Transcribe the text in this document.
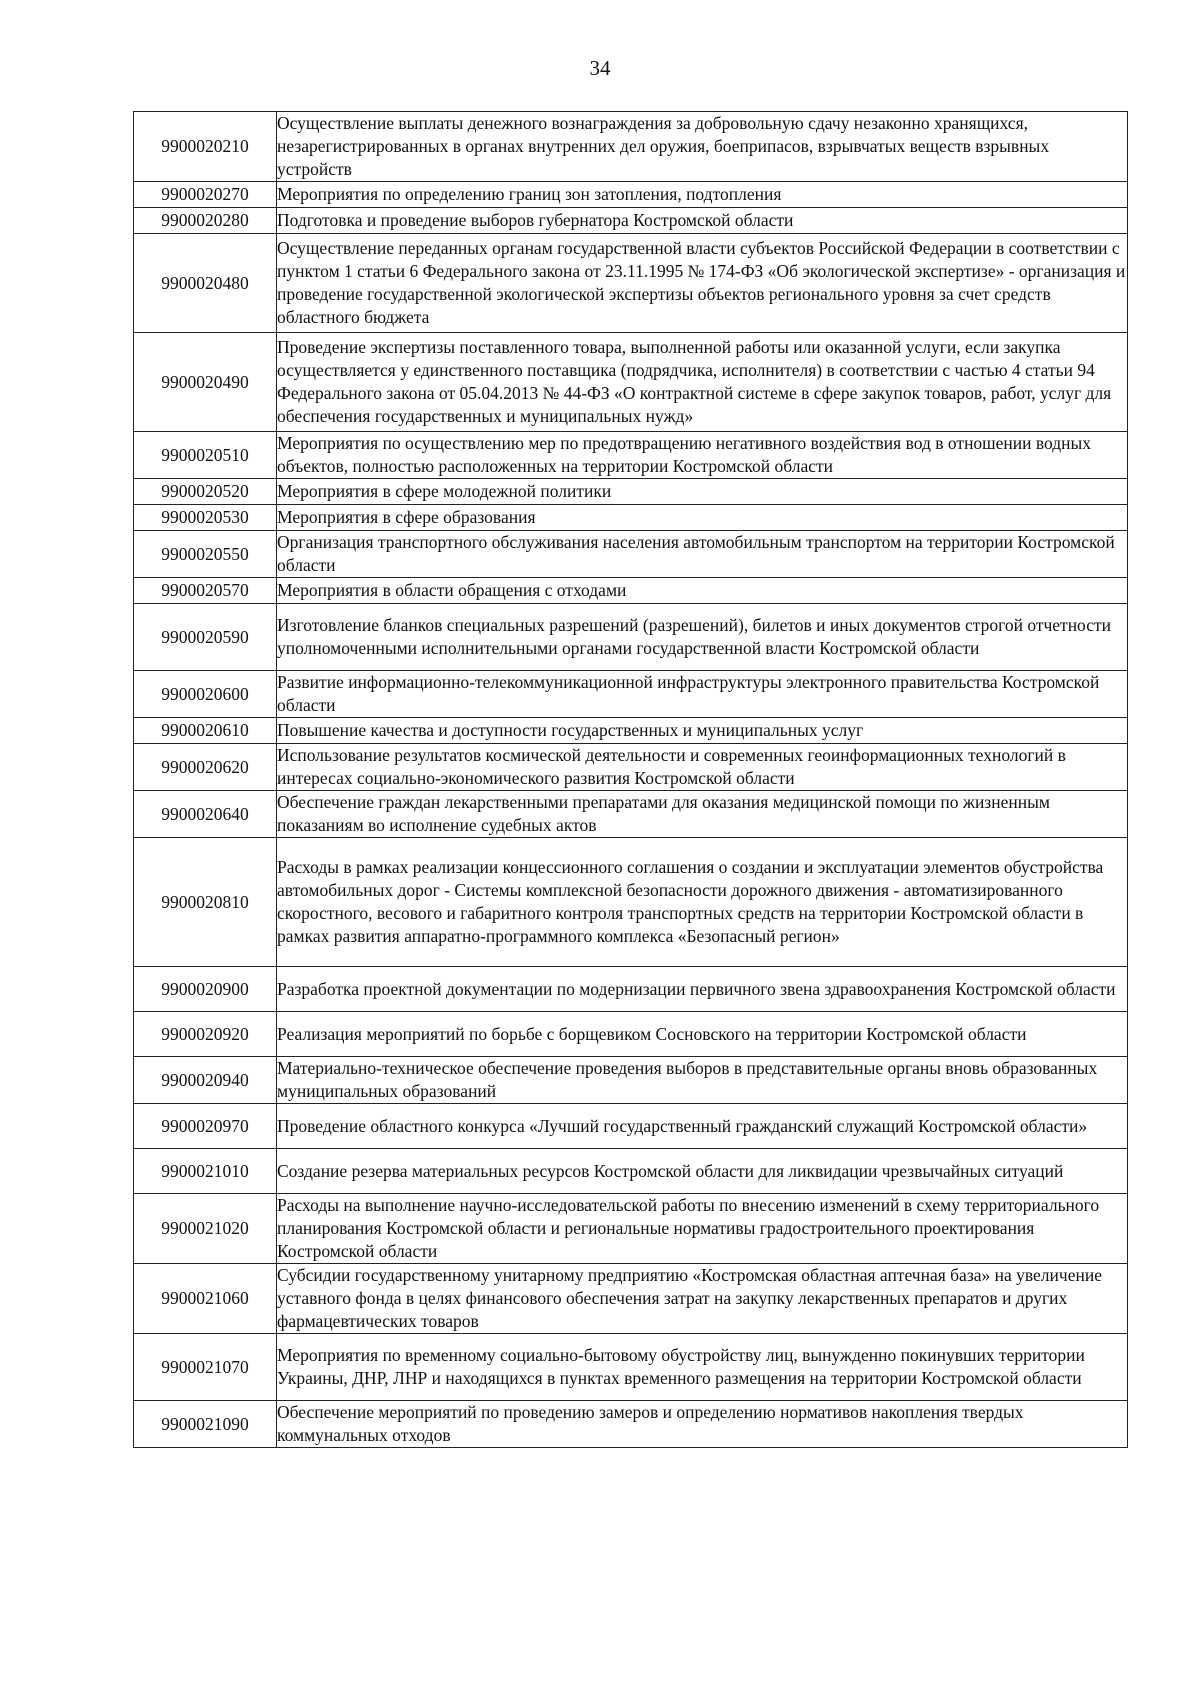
34
9900020210	Осуществление выплаты денежного вознаграждения за добровольную сдачу незаконно хранящихся, незарегистрированных в органах внутренних дел оружия, боеприпасов, взрывчатых веществ взрывных устройств
9900020270	Мероприятия по определению границ зон затопления, подтопления
9900020280	Подготовка и проведение выборов губернатора Костромской области
9900020480	Осуществление переданных органам государственной власти субъектов Российской Федерации в соответствии с пунктом 1 статьи 6 Федерального закона от 23.11.1995 № 174-ФЗ «Об экологической экспертизе» - организация и проведение государственной экологической экспертизы объектов регионального уровня за счет средств областного бюджета
9900020490	Проведение экспертизы поставленного товара, выполненной работы или оказанной услуги, если закупка осуществляется у единственного поставщика (подрядчика, исполнителя) в соответствии с частью 4 статьи 94 Федерального закона от 05.04.2013 № 44-ФЗ «О контрактной системе в сфере закупок товаров, работ, услуг для обеспечения государственных и муниципальных нужд»
9900020510	Мероприятия по осуществлению мер по предотвращению негативного воздействия вод в отношении водных объектов, полностью расположенных на территории Костромской области
9900020520	Мероприятия в сфере молодежной политики
9900020530	Мероприятия в сфере образования
9900020550	Организация транспортного обслуживания населения автомобильным транспортом на территории Костромской области
9900020570	Мероприятия в области обращения с отходами
9900020590	Изготовление бланков специальных разрешений (разрешений), билетов и иных документов строгой отчетности уполномоченными исполнительными органами государственной власти Костромской области
9900020600	Развитие информационно-телекоммуникационной инфраструктуры электронного правительства Костромской области
9900020610	Повышение качества и доступности государственных и муниципальных услуг
9900020620	Использование результатов космической деятельности и современных геоинформационных технологий в интересах социально-экономического развития Костромской области
9900020640	Обеспечение граждан лекарственными препаратами для оказания медицинской помощи по жизненным показаниям во исполнение судебных актов
9900020810	Расходы в рамках реализации концессионного соглашения о создании и эксплуатации элементов обустройства автомобильных дорог - Системы комплексной безопасности дорожного движения - автоматизированного скоростного, весового и габаритного контроля транспортных средств на территории Костромской области в рамках развития аппаратно-программного комплекса «Безопасный регион»
9900020900	Разработка проектной документации по модернизации первичного звена здравоохранения Костромской области
9900020920	Реализация мероприятий по борьбе с борщевиком Сосновского на территории Костромской области
9900020940	Материально-техническое обеспечение проведения выборов в представительные органы вновь образованных муниципальных образований
9900020970	Проведение областного конкурса «Лучший государственный гражданский служащий Костромской области»
9900021010	Создание резерва материальных ресурсов Костромской области для ликвидации чрезвычайных ситуаций
9900021020	Расходы на выполнение научно-исследовательской работы по внесению изменений в схему территориального планирования Костромской области и региональные нормативы градостроительного проектирования Костромской области
9900021060	Субсидии государственному унитарному предприятию «Костромская областная аптечная база» на увеличение уставного фонда в целях финансового обеспечения затрат на закупку лекарственных препаратов и других фармацевтических товаров
9900021070	Мероприятия по временному социально-бытовому обустройству лиц, вынужденно покинувших территории Украины, ДНР, ЛНР и находящихся в пунктах временного размещения на территории Костромской области
9900021090	Обеспечение мероприятий по проведению замеров и определению нормативов накопления твердых коммунальных отходов
